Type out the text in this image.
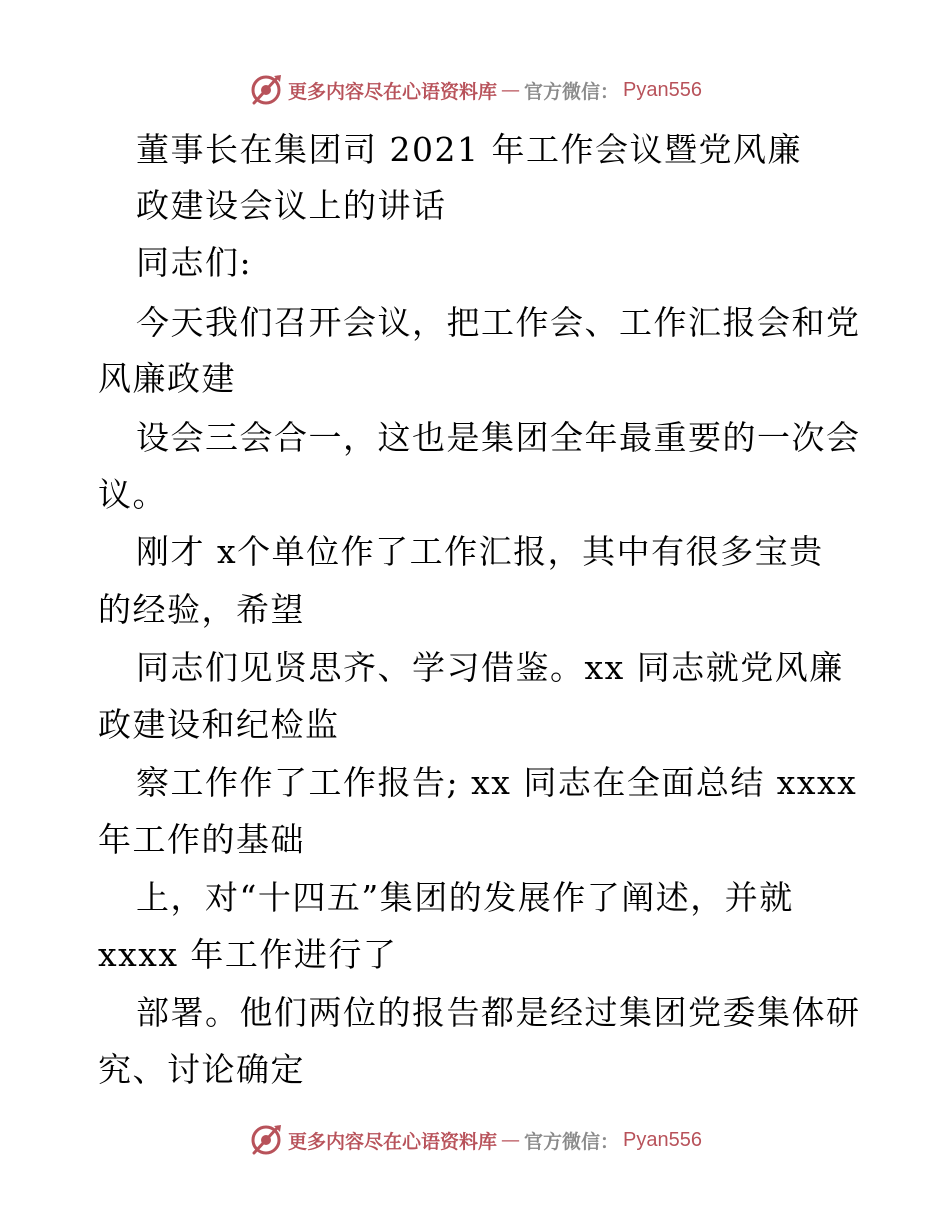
更多内容尽在心语资料库 — 官方微信： Pyan556
董事长在集团司 2021 年工作会议暨党风廉
政建设会议上的讲话
同志们:
今天我们召开会议，把工作会、工作汇报会和党
风廉政建
设会三会合一，这也是集团全年最重要的一次会
议。
刚才 x个单位作了工作汇报，其中有很多宝贵
的经验，希望
同志们见贤思齐、学习借鉴。xx 同志就党风廉
政建设和纪检监
察工作作了工作报告; xx 同志在全面总结 xxxx
年工作的基础
上，对“十四五”集团的发展作了阐述，并就
xxxx 年工作进行了
部署。他们两位的报告都是经过集团党委集体研
究、讨论确定
更多内容尽在心语资料库 — 官方微信： Pyan556
